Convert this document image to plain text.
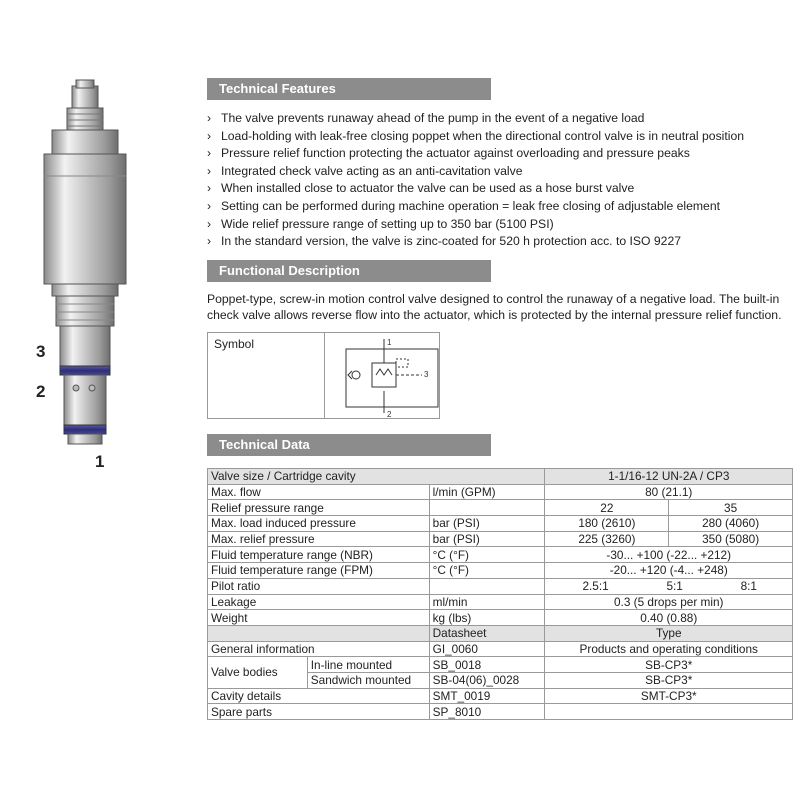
3
2
1
Technical Features
› The valve prevents runaway ahead of the pump in the event of a negative load
› Load-holding with leak-free closing poppet when the directional control valve is in neutral position
› Pressure relief function protecting the actuator against overloading and pressure peaks
› Integrated check valve acting as an anti-cavitation valve
› When installed close to actuator the valve can be used as a hose burst valve
› Setting can be performed during machine operation = leak free closing of adjustable element
› Wide relief pressure range of setting up to 350 bar (5100 PSI)
› In the standard version, the valve is zinc-coated for 520 h protection acc. to ISO 9227
Functional Description

Poppet-type, screw-in motion control valve designed to control the runaway of a negative load. The built-in check valve allows reverse flow into the actuator, which is protected by the internal pressure relief function.

Symbol	1
2
3
Technical Data
Valve size / Cartridge cavity			1-1/16-12 UN-2A / CP3	
Max. flow		l/min (GPM)	80 (21.1)	
Relief pressure range			22	35
Max. load induced pressure		bar (PSI)	180 (2610)	280 (4060)
Max. relief pressure		bar (PSI)	225 (3260)	350 (5080)
Fluid temperature range (NBR)		°C (°F)	-30... +100 (-22... +212)	
Fluid temperature range (FPM)		°C (°F)	-20... +120 (-4... +248)	
Pilot ratio			2.5:1 5:1 8:1	

Leakage		ml/min	0.3 (5 drops per min)	
Weight		kg (lbs)	0.40 (0.88)	
		Datasheet	Type	
General information		GI_0060	Products and operating conditions	
Valve bodies	In-line mounted	SB_0018	SB-CP3*	
	Sandwich mounted	SB-04(06)_0028	SB-CP3*	
Cavity details		SMT_0019	SMT-CP3*	
Spare parts		SP_8010		
